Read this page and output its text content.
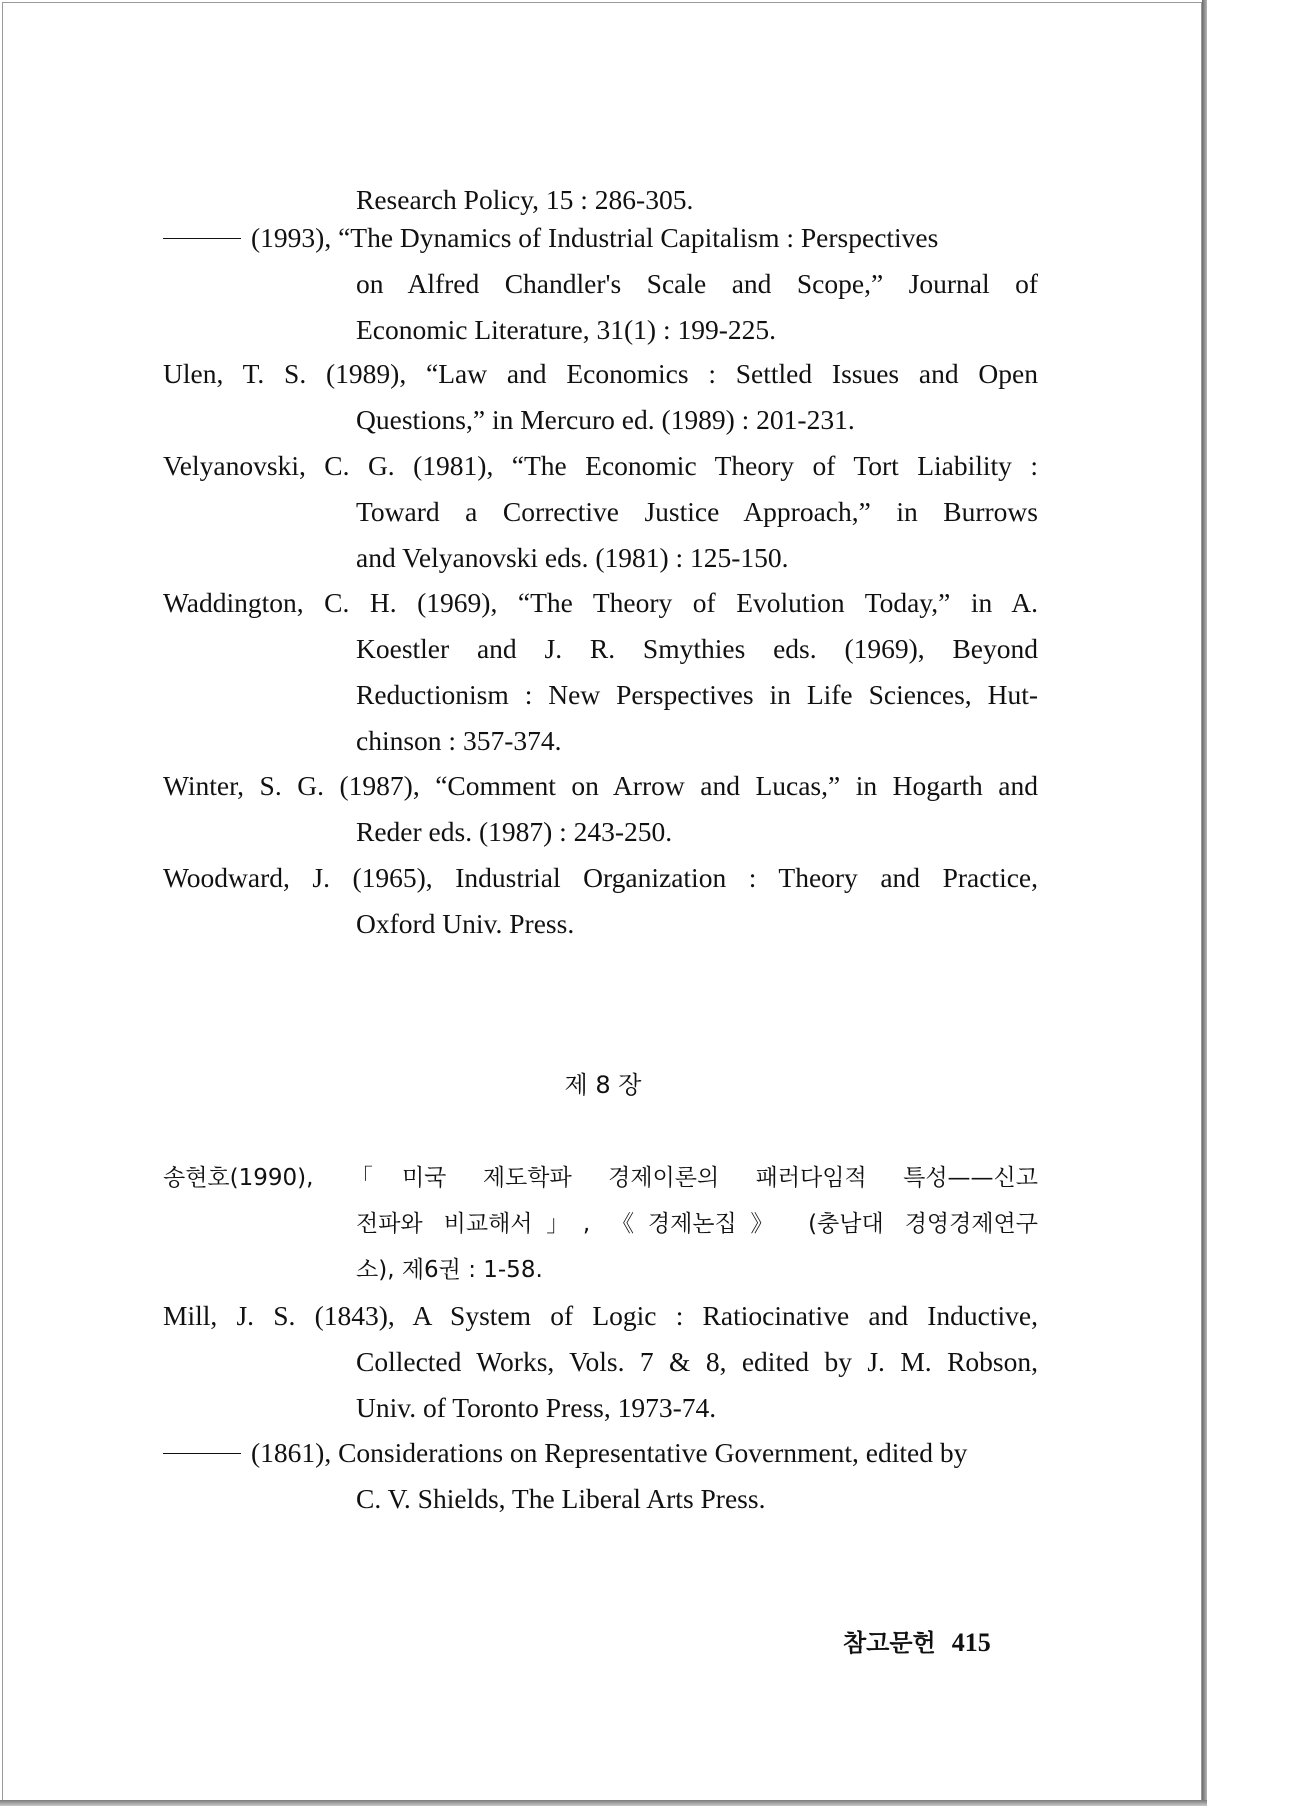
Research Policy, 15 : 286-305.
(1993), “The Dynamics of Industrial Capitalism : Perspectives
on Alfred Chandler's Scale and Scope,” Journal of
Economic Literature, 31(1) : 199-225.
Ulen, T. S. (1989), “Law and Economics : Settled Issues and Open
Questions,” in Mercuro ed. (1989) : 201-231.
Velyanovski, C. G. (1981), “The Economic Theory of Tort Liability :
Toward a Corrective Justice Approach,” in Burrows
and Velyanovski eds. (1981) : 125-150.
Waddington, C. H. (1969), “The Theory of Evolution Today,” in A.
Koestler and J. R. Smythies eds. (1969), Beyond
Reductionism : New Perspectives in Life Sciences, Hut-
chinson : 357-374.
Winter, S. G. (1987), “Comment on Arrow and Lucas,” in Hogarth and
Reder eds. (1987) : 243-250.
Woodward, J. (1965), Industrial Organization : Theory and Practice,
Oxford Univ. Press.
제 8 장
송현호(1990), 「미국 제도학파 경제이론의 패러다임적 특성——신고
전파와 비교해서」, 《경제논집》 (충남대 경영경제연구
소), 제6권 : 1-58.
Mill, J. S. (1843), A System of Logic : Ratiocinative and Inductive,
Collected Works, Vols. 7 & 8, edited by J. M. Robson,
Univ. of Toronto Press, 1973-74.
(1861), Considerations on Representative Government, edited by
C. V. Shields, The Liberal Arts Press.
참고문헌 415
